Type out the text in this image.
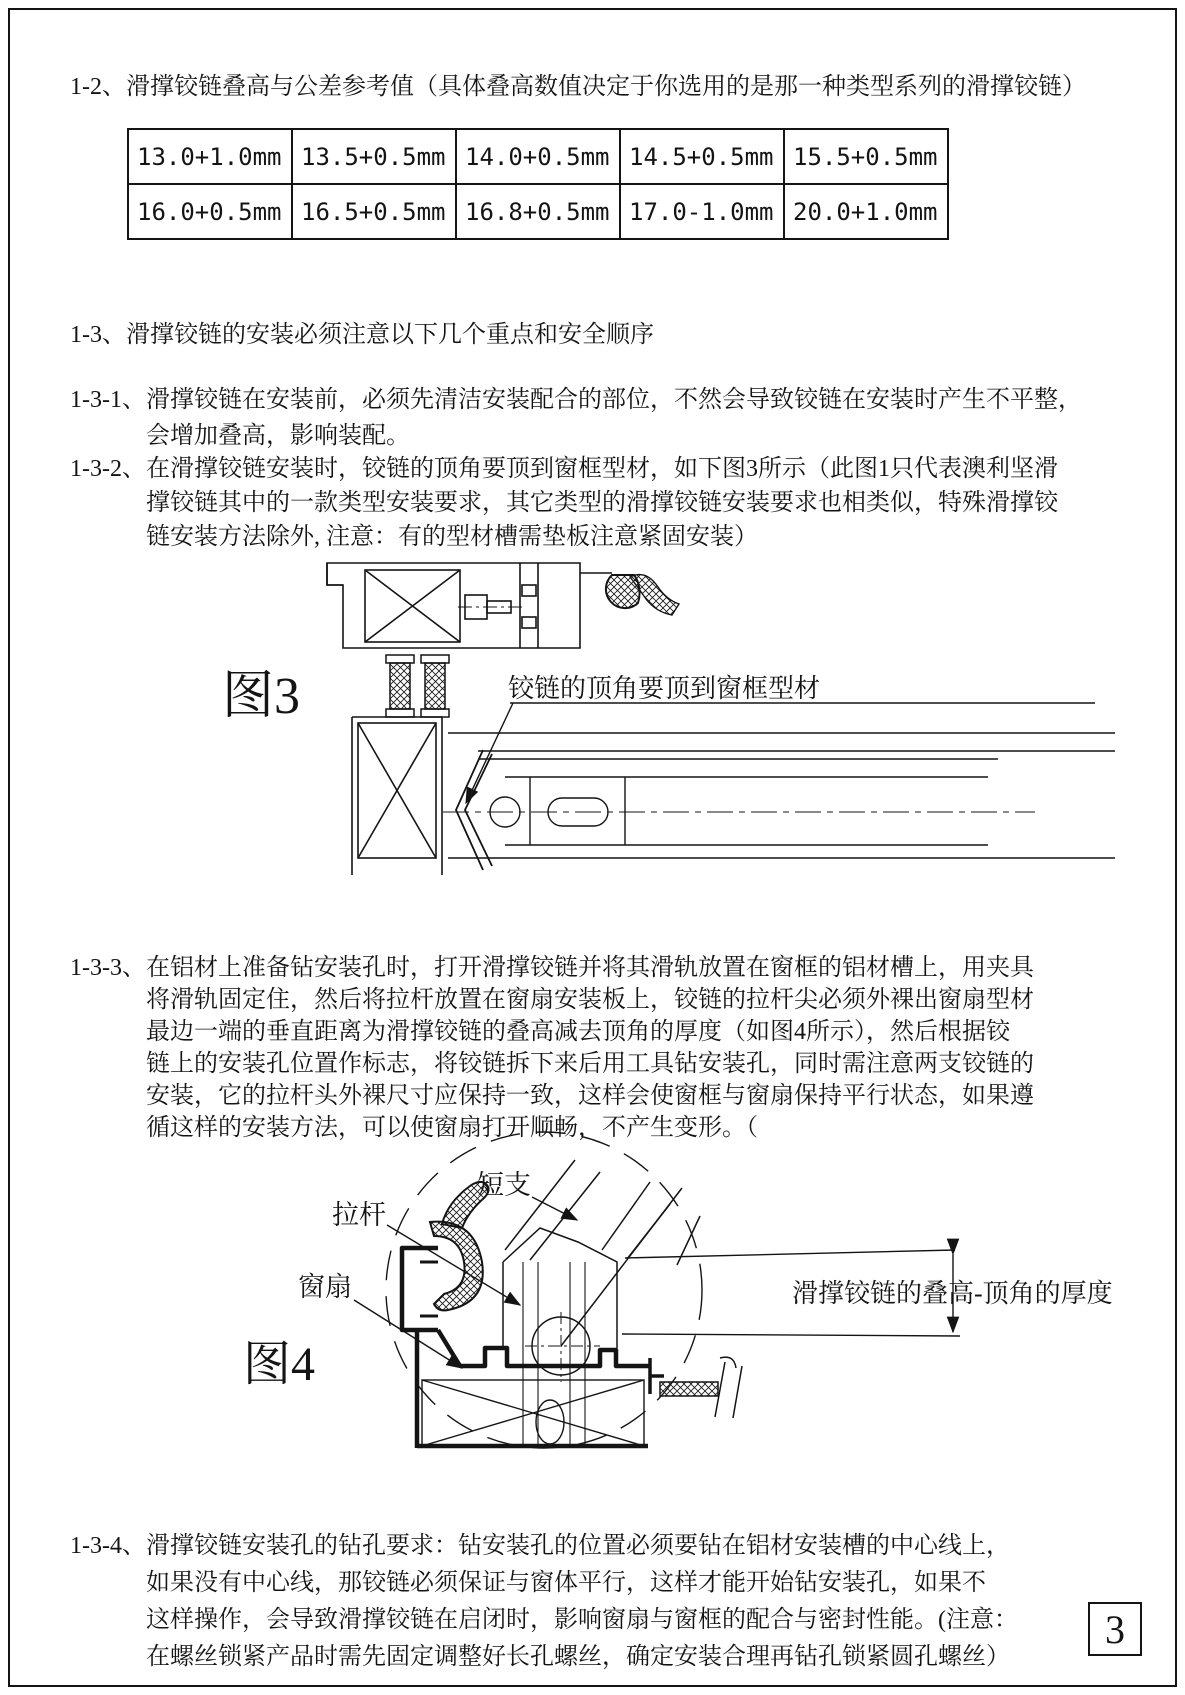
1-2、 滑撑铰链叠高与公差参考值（具体叠高数值决定于你选用的是那一种类型系列的滑撑铰链）
13.0+1.0mm	13.5+0.5mm	14.0+0.5mm	14.5+0.5mm	15.5+0.5mm
16.0+0.5mm	16.5+0.5mm	16.8+0.5mm	17.0-1.0mm	20.0+1.0mm
1-3、 滑撑铰链的安装必须注意以下几个重点和安全顺序
1-3-1、 滑撑铰链在安装前，必须先清洁安装配合的部位，不然会导致铰链在安装时产生不平整，
会增加叠高，影响装配。
1-3-2、 在滑撑铰链安装时，铰链的顶角要顶到窗框型材，如下图3所示（此图1只代表澳利坚滑
撑铰链其中的一款类型安装要求，其它类型的滑撑铰链安装要求也相类似，特殊滑撑铰
链安装方法除外, 注意：有的型材槽需垫板注意紧固安装）
铰链的顶角要顶到窗框型材
图3
1-3-3、 在铝材上准备钻安装孔时，打开滑撑铰链并将其滑轨放置在窗框的铝材槽上，用夹具
将滑轨固定住，然后将拉杆放置在窗扇安装板上，铰链的拉杆尖必须外裸出窗扇型材
最边一端的垂直距离为滑撑铰链的叠高减去顶角的厚度（如图4所示），然后根据铰
链上的安装孔位置作标志，将铰链拆下来后用工具钻安装孔，同时需注意两支铰链的
安装，它的拉杆头外裸尺寸应保持一致，这样会使窗框与窗扇保持平行状态，如果遵
循这样的安装方法，可以使窗扇打开顺畅，不产生变形。（
短支
拉杆
窗扇	滑撑铰链的叠高-顶角的厚度
图4
1-3-4、 滑撑铰链安装孔的钻孔要求：钻安装孔的位置必须要钻在铝材安装槽的中心线上，
如果没有中心线，那铰链必须保证与窗体平行，这样才能开始钻安装孔，如果不
这样操作，会导致滑撑铰链在启闭时，影响窗扇与窗框的配合与密封性能。(注意：
在螺丝锁紧产品时需先固定调整好长孔螺丝，确定安装合理再钻孔锁紧圆孔螺丝）
3
